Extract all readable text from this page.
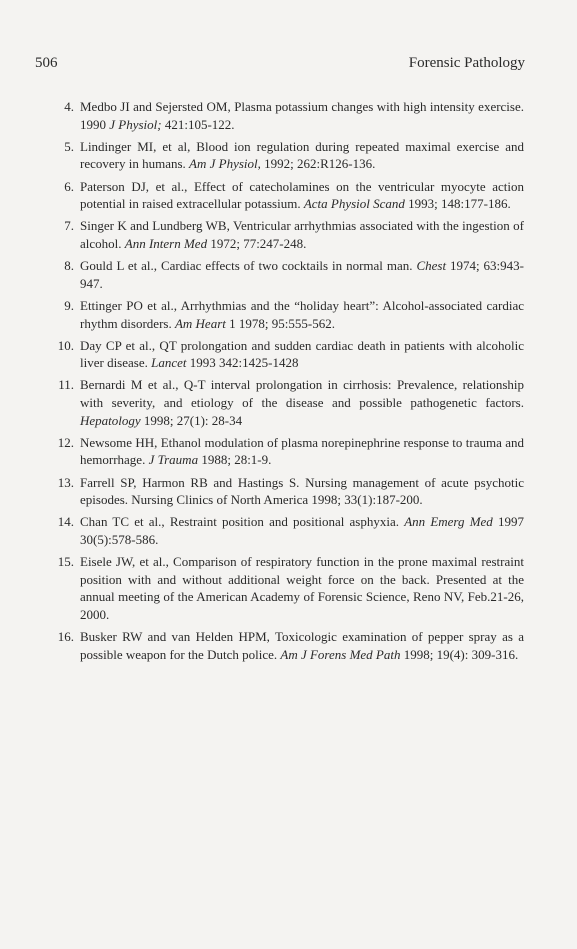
506	Forensic Pathology
4. Medbo JI and Sejersted OM, Plasma potassium changes with high intensity exercise. 1990 J Physiol; 421:105-122.
5. Lindinger MI, et al, Blood ion regulation during repeated maximal exercise and recovery in humans. Am J Physiol, 1992; 262:R126-136.
6. Paterson DJ, et al., Effect of catecholamines on the ventricular myocyte action potential in raised extracellular potassium. Acta Physiol Scand 1993; 148:177-186.
7. Singer K and Lundberg WB, Ventricular arrhythmias associated with the ingestion of alcohol. Ann Intern Med 1972; 77:247-248.
8. Gould L et al., Cardiac effects of two cocktails in normal man. Chest 1974; 63:943-947.
9. Ettinger PO et al., Arrhythmias and the “holiday heart”: Alcohol-associated cardiac rhythm disorders. Am Heart 1 1978; 95:555-562.
10. Day CP et al., QT prolongation and sudden cardiac death in patients with alcoholic liver disease. Lancet 1993 342:1425-1428
11. Bernardi M et al., Q-T interval prolongation in cirrhosis: Prevalence, relationship with severity, and etiology of the disease and possible pathogenetic factors. Hepatology 1998; 27(1): 28-34
12. Newsome HH, Ethanol modulation of plasma norepinephrine response to trauma and hemorrhage. J Trauma 1988; 28:1-9.
13. Farrell SP, Harmon RB and Hastings S. Nursing management of acute psychotic episodes. Nursing Clinics of North America 1998; 33(1):187-200.
14. Chan TC et al., Restraint position and positional asphyxia. Ann Emerg Med 1997 30(5):578-586.
15. Eisele JW, et al., Comparison of respiratory function in the prone maximal restraint position with and without additional weight force on the back. Presented at the annual meeting of the American Academy of Forensic Science, Reno NV, Feb.21-26, 2000.
16. Busker RW and van Helden HPM, Toxicologic examination of pepper spray as a possible weapon for the Dutch police. Am J Forens Med Path 1998; 19(4): 309-316.
